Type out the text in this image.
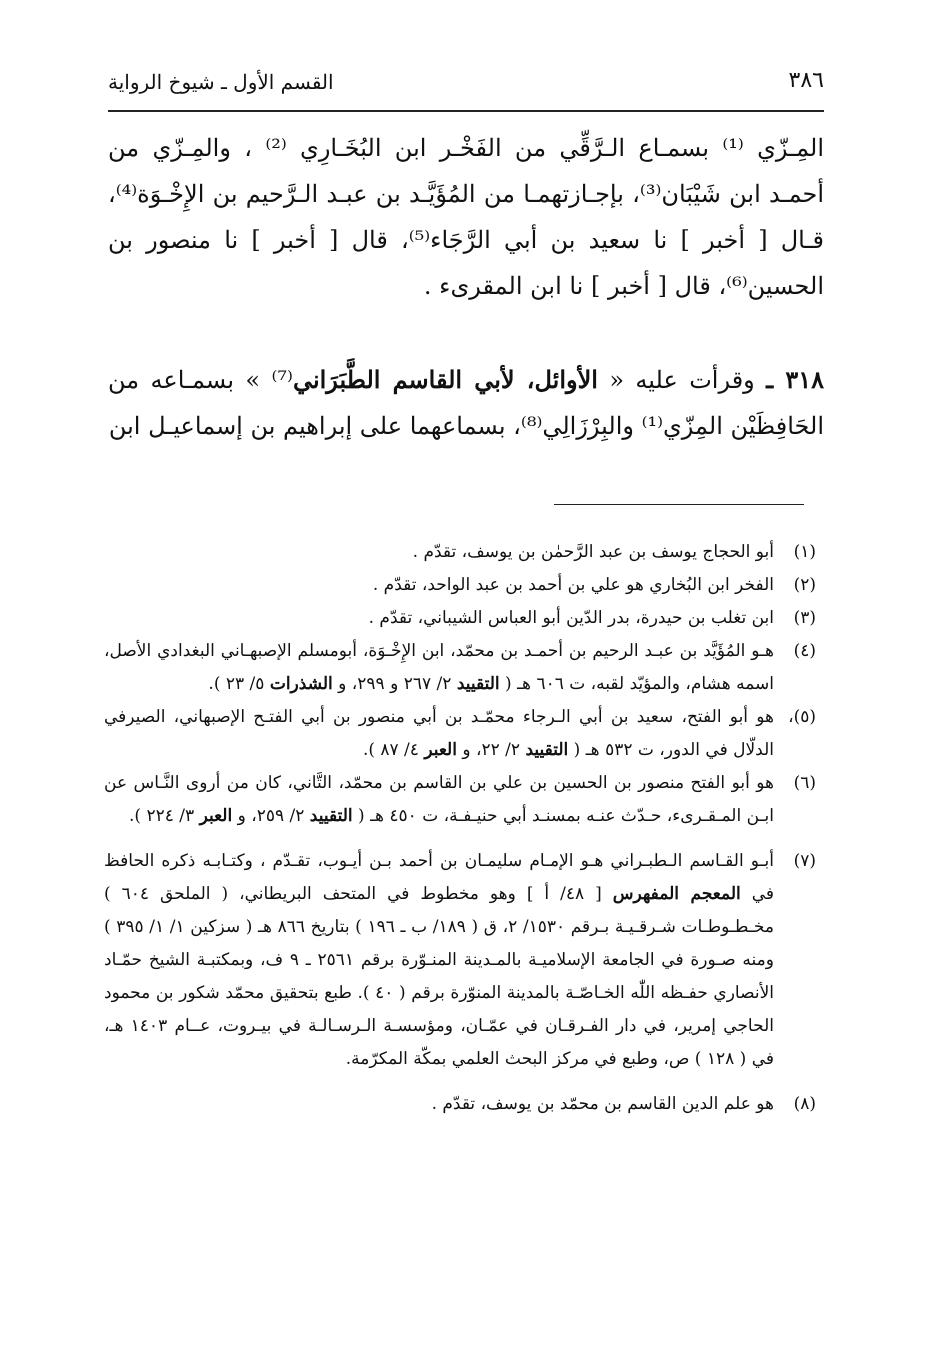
٣٨٦
القسم الأول ـ شيوخ الرواية

المِـزّي ⁽¹⁾ بسمـاع الـرَّقِّي من الفَخْـر ابن البُخَـارِي ⁽²⁾ ، والمِـزّي من أحمـد ابن شَيْبَان⁽³⁾، بإجـازتهمـا من المُؤَيَّـد بن عبـد الـرَّحيم بن الإِخْـوَة⁽⁴⁾، قـال [ أخبر ] نا سعيد بن أبي الرَّجَاء⁽⁵⁾، قال [ أخبر ] نا منصور بن الحسين⁽⁶⁾، قال [ أخبر ] نا ابن المقرىء .

٣١٨ ـ وقرأت عليه « الأوائل، لأبي القاسم الطَّبَرَاني⁽⁷⁾ » بسمـاعه من الحَافِظَيْن المِزّي⁽¹⁾ والبِرْزَالِي⁽⁸⁾، بسماعهما على إبراهيم بن إسماعيـل ابن

(١)
أبو الحجاج يوسف بن عبد الرَّحمٰن بن يوسف، تقدّم .
(٢)
الفخر ابن البُخاري هو علي بن أحمد بن عبد الواحد، تقدّم .
(٣)
ابن تغلب بن حيدرة، بدر الدّين أبو العباس الشيباني، تقدّم .
(٤)
هـو المُؤَيَّد بن عبـد الرحيم بن أحمـد بن محمّد، ابن الإِخْـوَة، أبومسلم الإصبهـاني البغدادي الأصل، اسمه هشام، والمؤيّد لقبه، ت ٦٠٦ هـ ( التقييد ٢/ ٢٦٧ و ٢٩٩، و الشذرات ٥/ ٢٣ ).
(٥)،
هو أبو الفتح، سعيد بن أبي الـرجاء محمّـد بن أبي منصور بن أبي الفتـح الإصبهاني، الصيرفي الدلّال في الدور، ت ٥٣٢ هـ ( التقييد ٢/ ٢٢، و العبر ٤/ ٨٧ ).
(٦)
هو أبو الفتح منصور بن الحسين بن علي بن القاسم بن محمّد، التَّاني، كان من أروى النَّـاس عن ابـن المـقـرىء، حـدّث عنـه بمسنـد أبي حنيـفـة، ت ٤٥٠ هـ ( التقييد ٢/ ٢٥٩، و العبر ٣/ ٢٢٤ ).
(٧)
أبـو القـاسم الـطبـراني هـو الإمـام سليمـان بن أحمد بـن أيـوب، تقـدّم ، وكتـابـه ذكره الحافظ في المعجم المفهرس [ ٤٨/ أ ] وهو مخطوط في المتحف البريطاني، ( الملحق ٦٠٤ ) مخـطـوطـات شـرقـيـة بـرقم ١٥٣٠/ ٢، ق ( ١٨٩/ ب ـ ١٩٦ ) بتاريخ ٨٦٦ هـ ( سزكين ١/ ١/ ٣٩٥ ) ومنه صـورة في الجامعة الإسلاميـة بالمـدينة المنـوّرة برقم ٢٥٦١ ـ ٩ ف، وبمكتبـة الشيخ حمّـاد الأنصاري حفـظه اللّٰه الخـاصّـة بالمدينة المنوّرة برقم ( ٤٠ ). طبع بتحقيق محمّد شكور بن محمود الحاجي إمرير، في دار الفـرقـان في عمّـان، ومؤسسـة الـرسـالـة في بيـروت، عــام ١٤٠٣ هـ، في ( ١٢٨ ) ص، وطبع في مركز البحث العلمي بمكّة المكرّمة.
(٨)
هو علم الدين القاسم بن محمّد بن يوسف، تقدّم .
